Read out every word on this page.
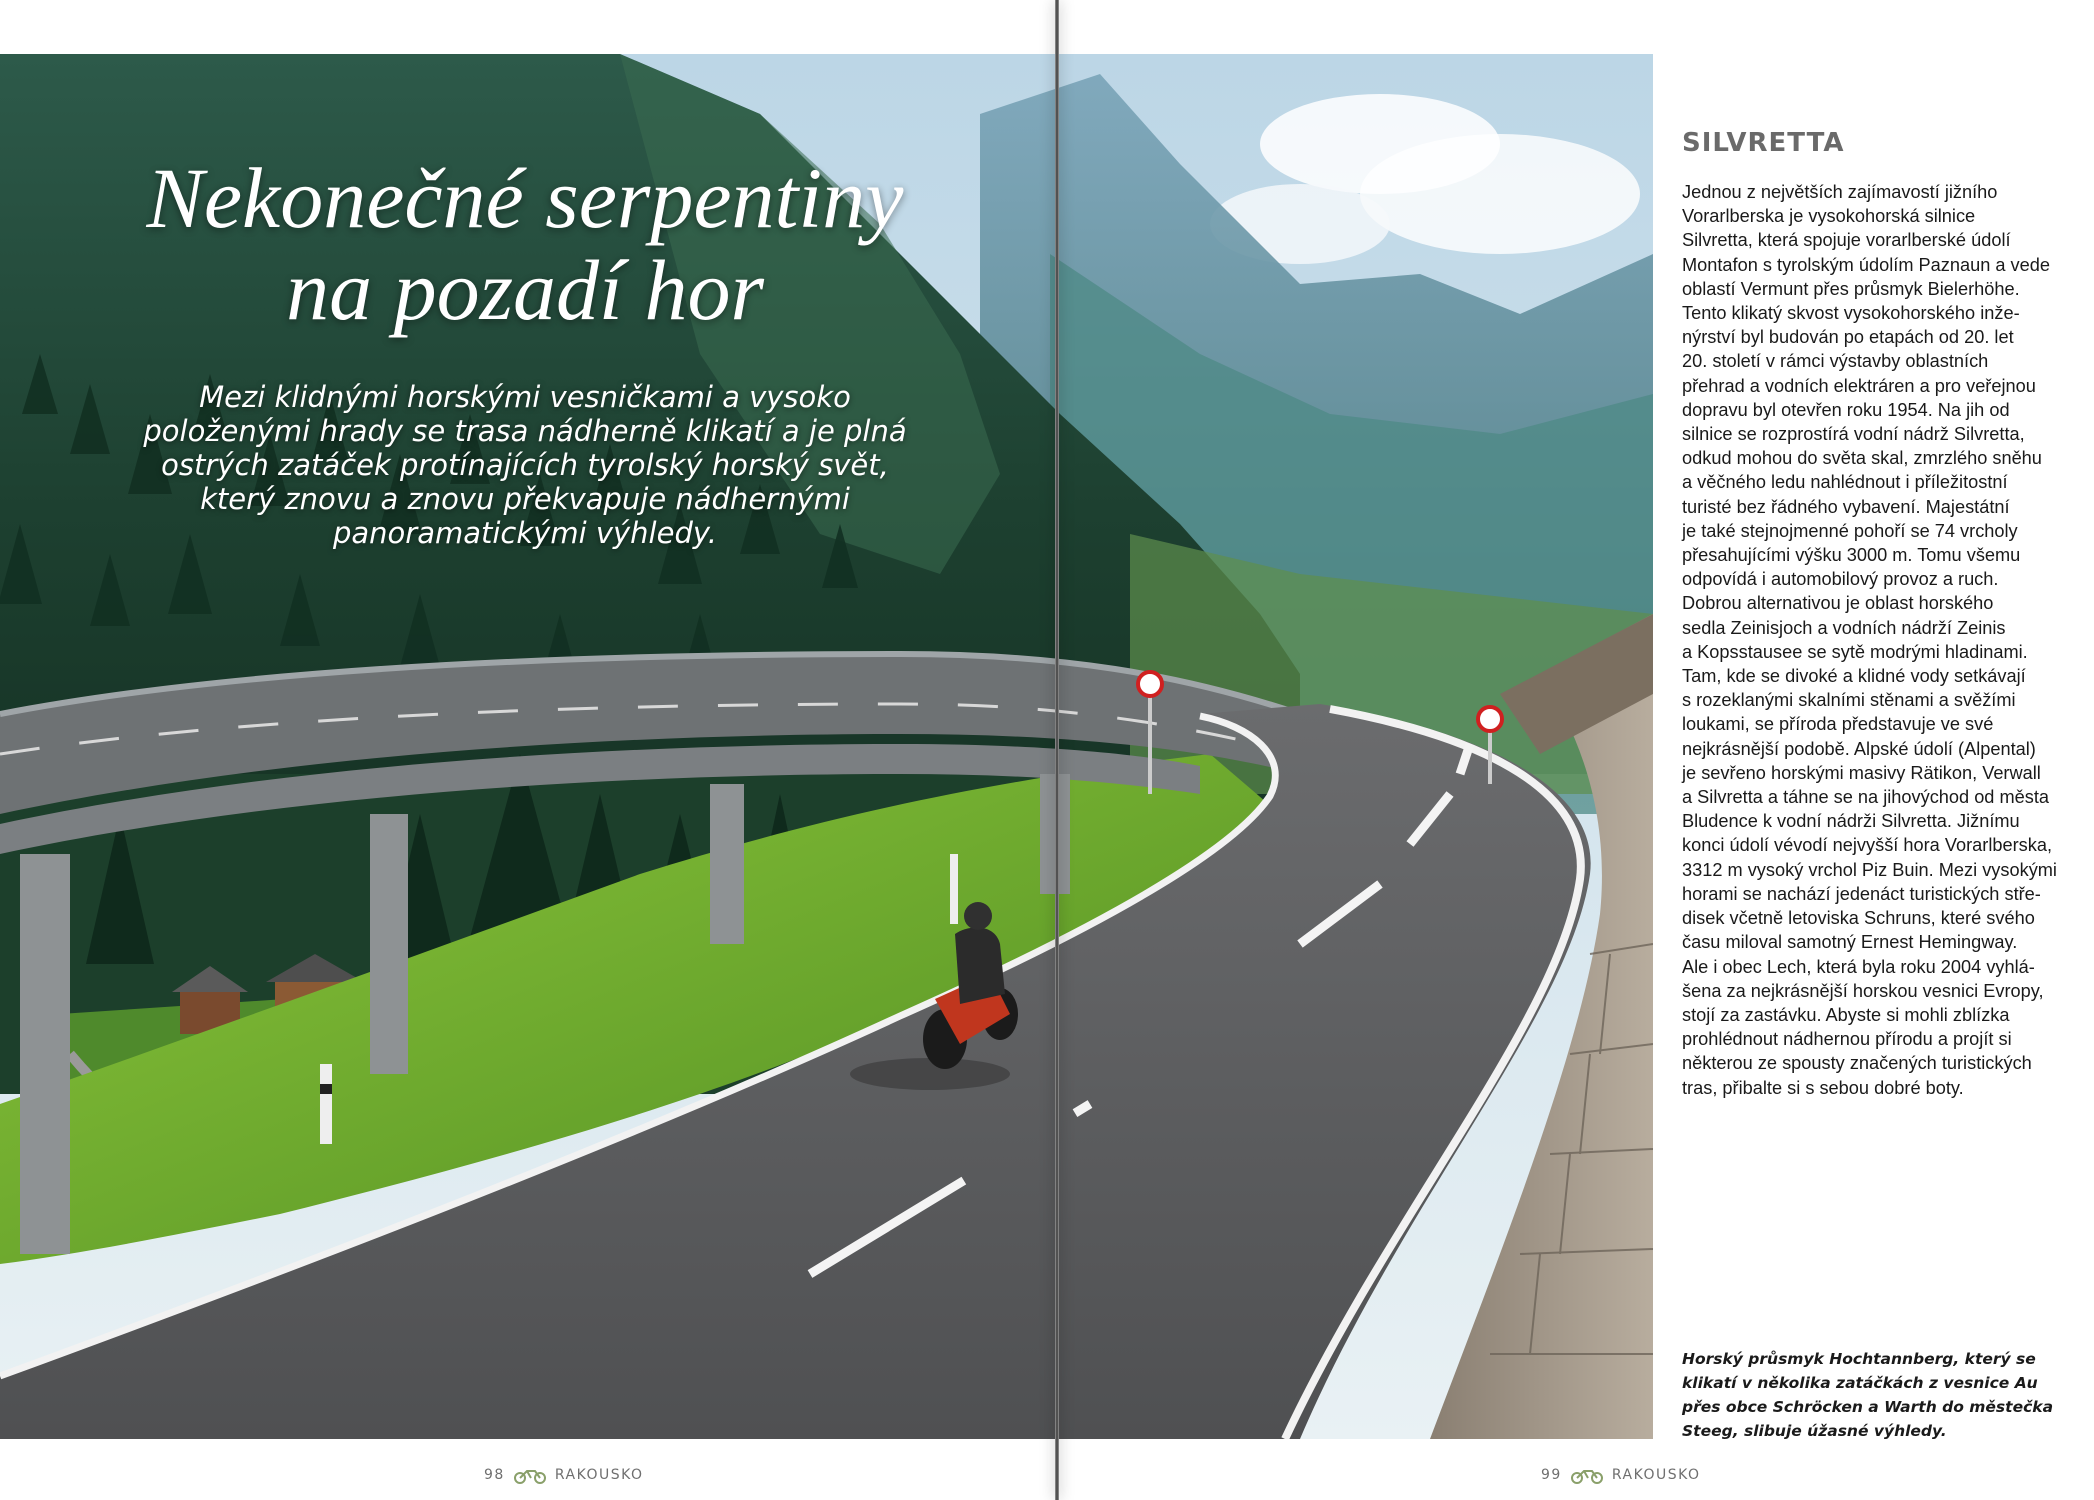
Nekonečné serpentiny
na pozadí hor
Mezi klidnými horskými vesničkami a vysoko položenými hrady se trasa nádherně klikatí a je plná ostrých zatáček protínajících tyrolský horský svět, který znovu a znovu překvapuje nádhernými panoramatickými výhledy.
SILVRETTA

Jednou z největších zajímavostí jižního
Vorarlberska je vysokohorská silnice
Silvretta, která spojuje vorarlberské údolí
Montafon s tyrolským údolím Paznaun a vede
oblastí Vermunt přes průsmyk Bielerhöhe.
Tento klikatý skvost vysokohorského inže-
nýrství byl budován po etapách od 20. let
20. století v rámci výstavby oblastních
přehrad a vodních elektráren a pro veřejnou
dopravu byl otevřen roku 1954. Na jih od
silnice se rozprostírá vodní nádrž Silvretta,
odkud mohou do světa skal, zmrzlého sněhu
a věčného ledu nahlédnout i příležitostní
turisté bez řádného vybavení. Majestátní
je také stejnojmenné pohoří se 74 vrcholy
přesahujícími výšku 3000 m. Tomu všemu
odpovídá i automobilový provoz a ruch.
Dobrou alternativou je oblast horského
sedla Zeinisjoch a vodních nádrží Zeinis
a Kopsstausee se sytě modrými hladinami.
Tam, kde se divoké a klidné vody setkávají
s rozeklanými skalními stěnami a svěžími
loukami, se příroda představuje ve své
nejkrásnější podobě. Alpské údolí (Alpental)
je sevřeno horskými masivy Rätikon, Verwall
a Silvretta a táhne se na jihovýchod od města
Bludence k vodní nádrži Silvretta. Jižnímu
konci údolí vévodí nejvyšší hora Vorarlberska,
3312 m vysoký vrchol Piz Buin. Mezi vysokými
horami se nachází jedenáct turistických stře-
disek včetně letoviska Schruns, které svého
času miloval samotný Ernest Hemingway.
Ale i obec Lech, která byla roku 2004 vyhlá-
šena za nejkrásnější horskou vesnici Evropy,
stojí za zastávku. Abyste si mohli zblízka
prohlédnout nádhernou přírodu a projít si
některou ze spousty značených turistických
tras, přibalte si s sebou dobré boty.

Horský průsmyk Hochtannberg, který se
klikatí v několika zatáčkách z vesnice Au
přes obce Schröcken a Warth do městečka
Steeg, slibuje úžasné výhledy.
98	RAKOUSKO	99	RAKOUSKO
